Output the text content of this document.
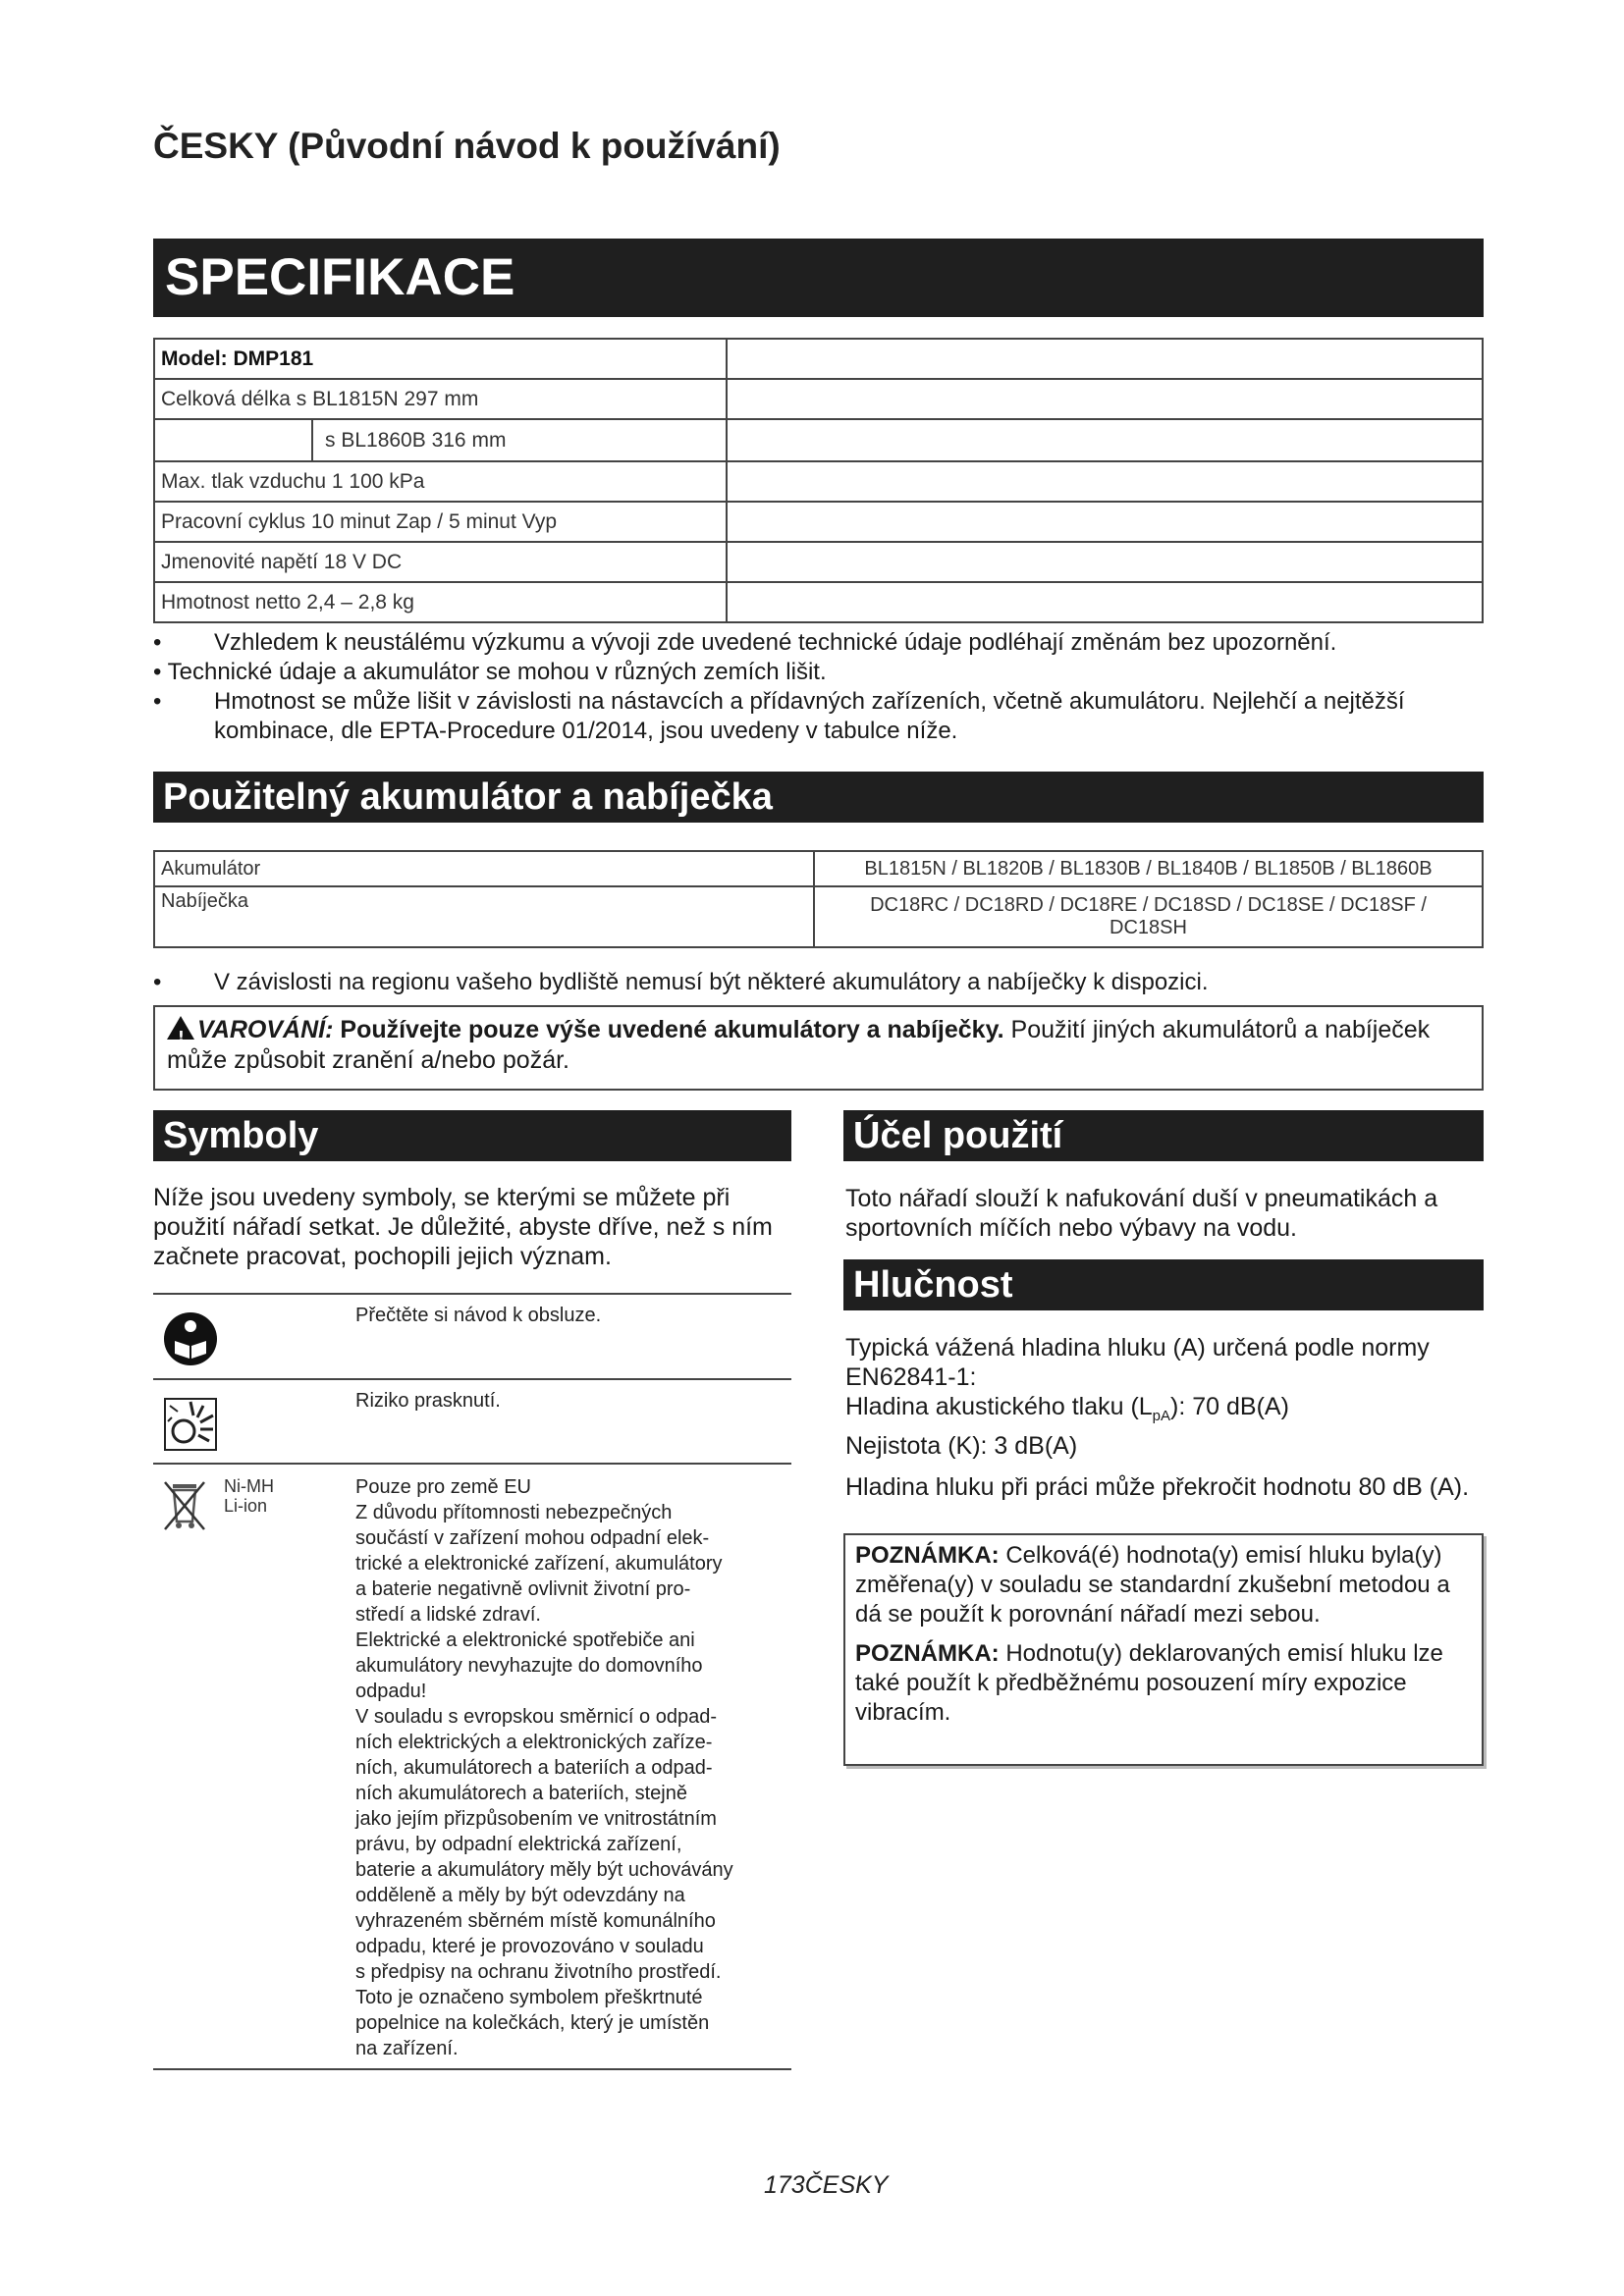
ČESKY (Původní návod k používání)
SPECIFIKACE
Model: DMP181	
Celková délka s BL1815N 297 mm	
s BL1860B 316 mm	
Max. tlak vzduchu 1 100 kPa	
Pracovní cyklus 10 minut Zap / 5 minut Vyp	
Jmenovité napětí 18 V DC	
Hmotnost netto 2,4 – 2,8 kg	
• Vzhledem k neustálému výzkumu a vývoji zde uvedené technické údaje podléhají změnám bez upozornění.
• Technické údaje a akumulátor se mohou v různých zemích lišit.
• Hmotnost se může lišit v závislosti na nástavcích a přídavných zařízeních, včetně akumulátoru. Nejlehčí a nejtěžší kombinace, dle EPTA-Procedure 01/2014, jsou uvedeny v tabulce níže.
Použitelný akumulátor a nabíječka
Akumulátor	BL1815N / BL1820B / BL1830B / BL1840B / BL1850B / BL1860B
Nabíječka	DC18RC / DC18RD / DC18RE / DC18SD / DC18SE / DC18SF /
DC18SH
• V závislosti na regionu vašeho bydliště nemusí být některé akumulátory a nabíječky k dispozici.
! VAROVÁNÍ: Používejte pouze výše uvedené akumulátory a nabíječky. Použití jiných akumulátorů a nabíječek může způsobit zranění a/nebo požár.
Symboly
Níže jsou uvedeny symboly, se kterými se můžete při použití nářadí setkat. Je důležité, abyste dříve, než s ním začnete pracovat, pochopili jejich význam.
Přečtěte si návod k obsluze.
Riziko prasknutí.
Ni-MH
Li-ion
Pouze pro země EU
Z důvodu přítomnosti nebezpečných
součástí v zařízení mohou odpadní elek-
trické a elektronické zařízení, akumulátory
a baterie negativně ovlivnit životní pro-
středí a lidské zdraví.
Elektrické a elektronické spotřebiče ani
akumulátory nevyhazujte do domovního
odpadu!
V souladu s evropskou směrnicí o odpad-
ních elektrických a elektronických zaříze-
ních, akumulátorech a bateriích a odpad-
ních akumulátorech a bateriích, stejně
jako jejím přizpůsobením ve vnitrostátním
právu, by odpadní elektrická zařízení,
baterie a akumulátory měly být uchovávány
odděleně a měly by být odevzdány na
vyhrazeném sběrném místě komunálního
odpadu, které je provozováno v souladu
s předpisy na ochranu životního prostředí.
Toto je označeno symbolem přeškrtnuté
popelnice na kolečkách, který je umístěn
na zařízení.
Účel použití
Toto nářadí slouží k nafukování duší v pneumatikách a sportovních míčích nebo výbavy na vodu.
Hlučnost
Typická vážená hladina hluku (A) určená podle normy EN62841-1:
Hladina akustického tlaku $(L_{pA})$: 70 dB(A)
Nejistota (K): 3 dB(A)
Hladina hluku při práci může překročit hodnotu 80 dB (A).
POZNÁMKA: Celková(é) hodnota(y) emisí hluku byla(y) změřena(y) v souladu se standardní zkušební metodou a dá se použít k porovnání nářadí mezi sebou.
POZNÁMKA: Hodnotu(y) deklarovaných emisí hluku lze také použít k předběžnému posouzení míry expozice vibracím.
173ČESKY
